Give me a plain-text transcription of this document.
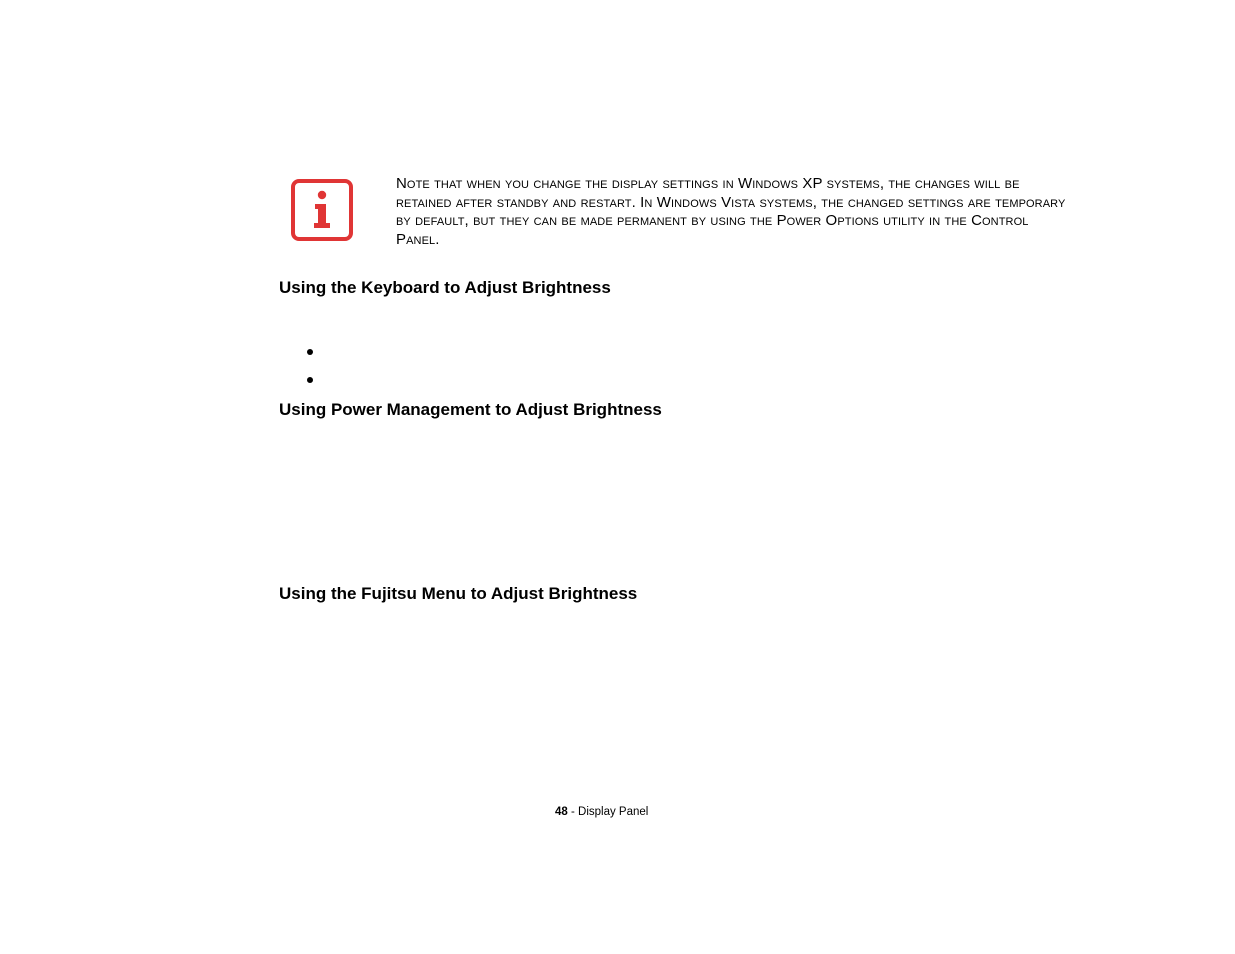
Note that when you change the display settings in Windows XP systems, the changes will be retained after standby and restart. In Windows Vista systems, the changed settings are temporary by default, but they can be made permanent by using the Power Options utility in the Control Panel.

Using the Keyboard to Adjust Brightness
Using Power Management to Adjust Brightness
Using the Fujitsu Menu to Adjust Brightness
48 - Display Panel
